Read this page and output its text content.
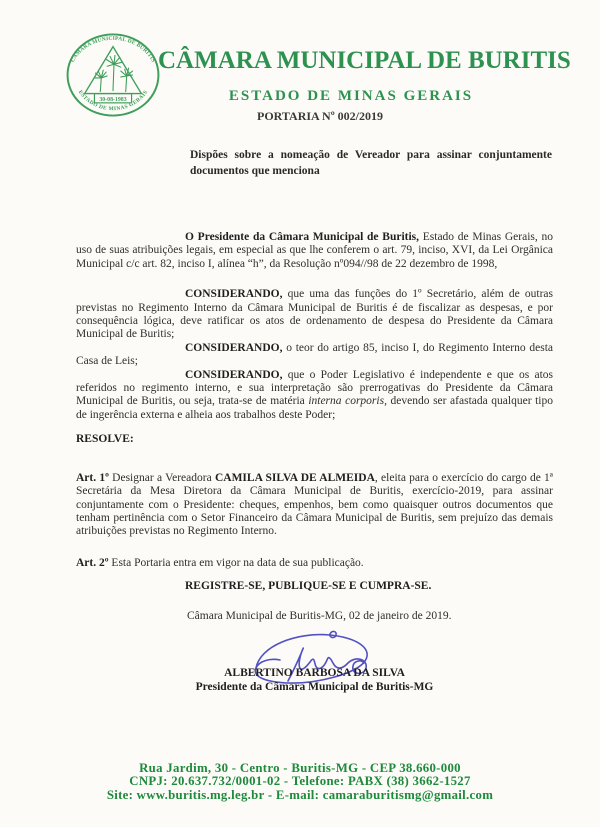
CÂMARA MUNICIPAL DE BURITIS
ESTADO DE MINAS GERAIS
30-08-1983
CÂMARA MUNICIPAL DE BURITIS
ESTADO DE MINAS GERAIS
PORTARIA Nº 002/2019
Dispões sobre a nomeação de Vereador para assinar conjuntamente documentos que menciona

O Presidente da Câmara Municipal de Buritis, Estado de Minas Gerais, no uso de suas atribuições legais, em especial as que lhe conferem o art. 79, inciso, XVI, da Lei Orgânica Municipal c/c art. 82, inciso I, alínea “h”, da Resolução nº094//98 de 22 dezembro de 1998,

CONSIDERANDO, que uma das funções do 1º Secretário, além de outras previstas no Regimento Interno da Câmara Municipal de Buritis é de fiscalizar as despesas, e por consequência lógica, deve ratificar os atos de ordenamento de despesa do Presidente da Câmara Municipal de Buritis;

CONSIDERANDO, o teor do artigo 85, inciso I, do Regimento Interno desta Casa de Leis;

CONSIDERANDO, que o Poder Legislativo é independente e que os atos referidos no regimento interno, e sua interpretação são prerrogativas do Presidente da Câmara Municipal de Buritis, ou seja, trata-se de matéria interna corporis, devendo ser afastada qualquer tipo de ingerência externa e alheia aos trabalhos deste Poder;

RESOLVE:

Art. 1º Designar a Vereadora CAMILA SILVA DE ALMEIDA, eleita para o exercício do cargo de 1ª Secretária da Mesa Diretora da Câmara Municipal de Buritis, exercício-2019, para assinar conjuntamente com o Presidente: cheques, empenhos, bem como quaisquer outros documentos que tenham pertinência com o Setor Financeiro da Câmara Municipal de Buritis, sem prejuízo das demais atribuições previstas no Regimento Interno.

Art. 2º Esta Portaria entra em vigor na data de sua publicação.

REGISTRE-SE, PUBLIQUE-SE E CUMPRA-SE.

Câmara Municipal de Buritis-MG, 02 de janeiro de 2019.

ALBERTINO BARBOSA DA SILVA
Presidente da Câmara Municipal de Buritis-MG
Rua Jardim, 30 - Centro - Buritis-MG - CEP 38.660-000
CNPJ: 20.637.732/0001-02 - Telefone: PABX (38) 3662-1527
Site: www.buritis.mg.leg.br - E-mail: camaraburitismg@gmail.com
